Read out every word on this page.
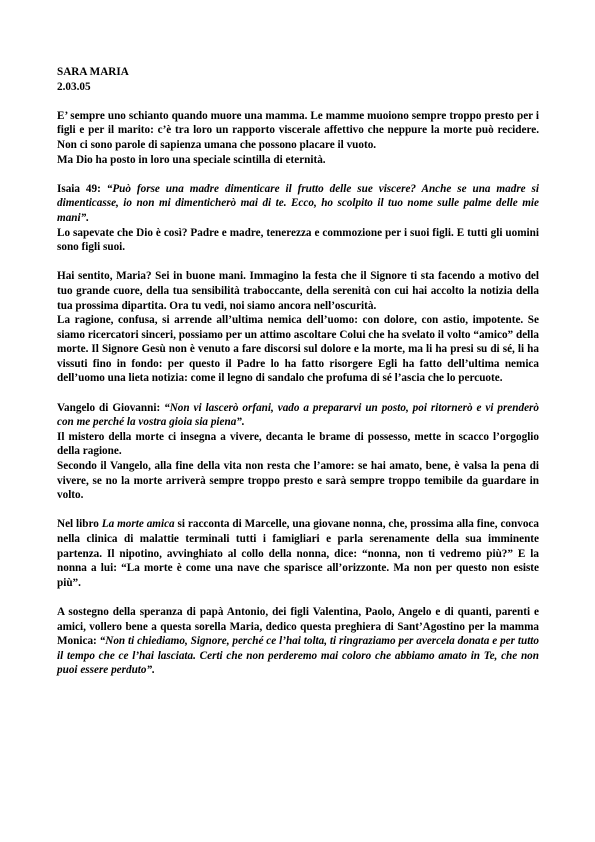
SARA MARIA

2.03.05

E’ sempre uno schianto quando muore una mamma. Le mamme muoiono sempre troppo presto per i figli e per il marito: c’è tra loro un rapporto viscerale affettivo che neppure la morte può recidere. Non ci sono parole di sapienza umana che possono placare il vuoto.

Ma Dio ha posto in loro una speciale scintilla di eternità.

Isaia 49: “Può forse una madre dimenticare il frutto delle sue viscere? Anche se una madre si dimenticasse, io non mi dimenticherò mai di te. Ecco, ho scolpito il tuo nome sulle palme delle mie mani”.

Lo sapevate che Dio è così? Padre e madre, tenerezza e commozione per i suoi figli. E tutti gli uomini sono figli suoi.

Hai sentito, Maria? Sei in buone mani. Immagino la festa che il Signore ti sta facendo a motivo del tuo grande cuore, della tua sensibilità traboccante, della serenità con cui hai accolto la notizia della tua prossima dipartita. Ora tu vedi, noi siamo ancora nell’oscurità.

La ragione, confusa, si arrende all’ultima nemica dell’uomo: con dolore, con astio, impotente. Se siamo ricercatori sinceri, possiamo per un attimo ascoltare Colui che ha svelato il volto “amico” della morte. Il Signore Gesù non è venuto a fare discorsi sul dolore e la morte, ma li ha presi su di sé, li ha vissuti fino in fondo: per questo il Padre lo ha fatto risorgere Egli ha fatto dell’ultima nemica dell’uomo una lieta notizia: come il legno di sandalo che profuma di sé l’ascia che lo percuote.

Vangelo di Giovanni: “Non vi lascerò orfani, vado a prepararvi un posto, poi ritornerò e vi prenderò con me perché la vostra gioia sia piena”.

Il mistero della morte ci insegna a vivere, decanta le brame di possesso, mette in scacco l’orgoglio della ragione.

Secondo il Vangelo, alla fine della vita non resta che l’amore: se hai amato, bene, è valsa la pena di vivere, se no la morte arriverà sempre troppo presto e sarà sempre troppo temibile da guardare in volto.

Nel libro La morte amica si racconta di Marcelle, una giovane nonna, che, prossima alla fine, convoca nella clinica di malattie terminali tutti i famigliari e parla serenamente della sua imminente partenza. Il nipotino, avvinghiato al collo della nonna, dice: “nonna, non ti vedremo più?” E la nonna a lui: “La morte è come una nave che sparisce all’orizzonte. Ma non per questo non esiste più”.

A sostegno della speranza di papà Antonio, dei figli Valentina, Paolo, Angelo e di quanti, parenti e amici, vollero bene a questa sorella Maria, dedico questa preghiera di Sant’Agostino per la mamma Monica: “Non ti chiediamo, Signore, perché ce l’hai tolta, ti ringraziamo per avercela donata e per tutto il tempo che ce l’hai lasciata. Certi che non perderemo mai coloro che abbiamo amato in Te, che non puoi essere perduto”.
